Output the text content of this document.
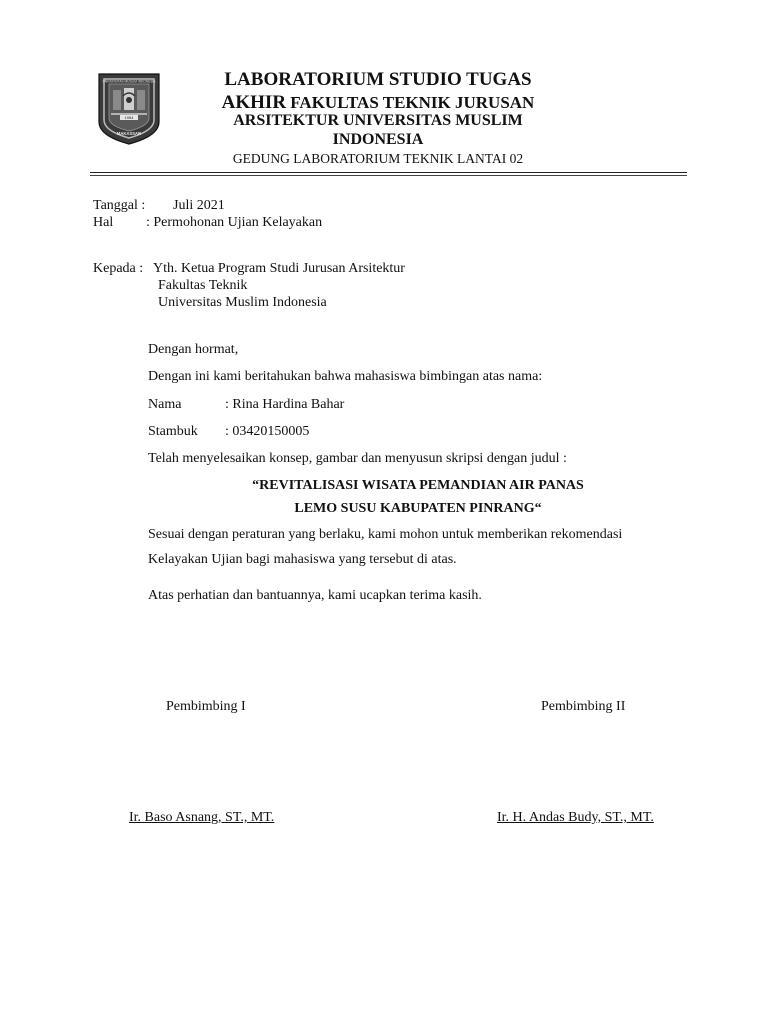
UNIVERSITAS MUSLIM INDONESIA
1954
MAKASSAR
LABORATORIUM STUDIO TUGAS
AKHIR FAKULTAS TEKNIK JURUSAN
ARSITEKTUR UNIVERSITAS MUSLIM
INDONESIA
GEDUNG LABORATORIUM TEKNIK LANTAI 02
Tanggal : Juli 2021
Hal : Permohonan Ujian Kelayakan
Kepada : Yth. Ketua Program Studi Jurusan Arsitektur
Fakultas Teknik
Universitas Muslim Indonesia
Dengan hormat,
Dengan ini kami beritahukan bahwa mahasiswa bimbingan atas nama:
Nama	: Rina Hardina Bahar
Stambuk : 03420150005
Telah menyelesaikan konsep, gambar dan menyusun skripsi dengan judul :
“REVITALISASI WISATA PEMANDIAN AIR PANAS
LEMO SUSU KABUPATEN PINRANG“
Sesuai dengan peraturan yang berlaku, kami mohon untuk memberikan rekomendasi
Kelayakan Ujian bagi mahasiswa yang tersebut di atas.
Atas perhatian dan bantuannya, kami ucapkan terima kasih.
Pembimbing I	Pembimbing II
Ir. Baso Asnang, ST., MT.	Ir. H. Andas Budy, ST., MT.
